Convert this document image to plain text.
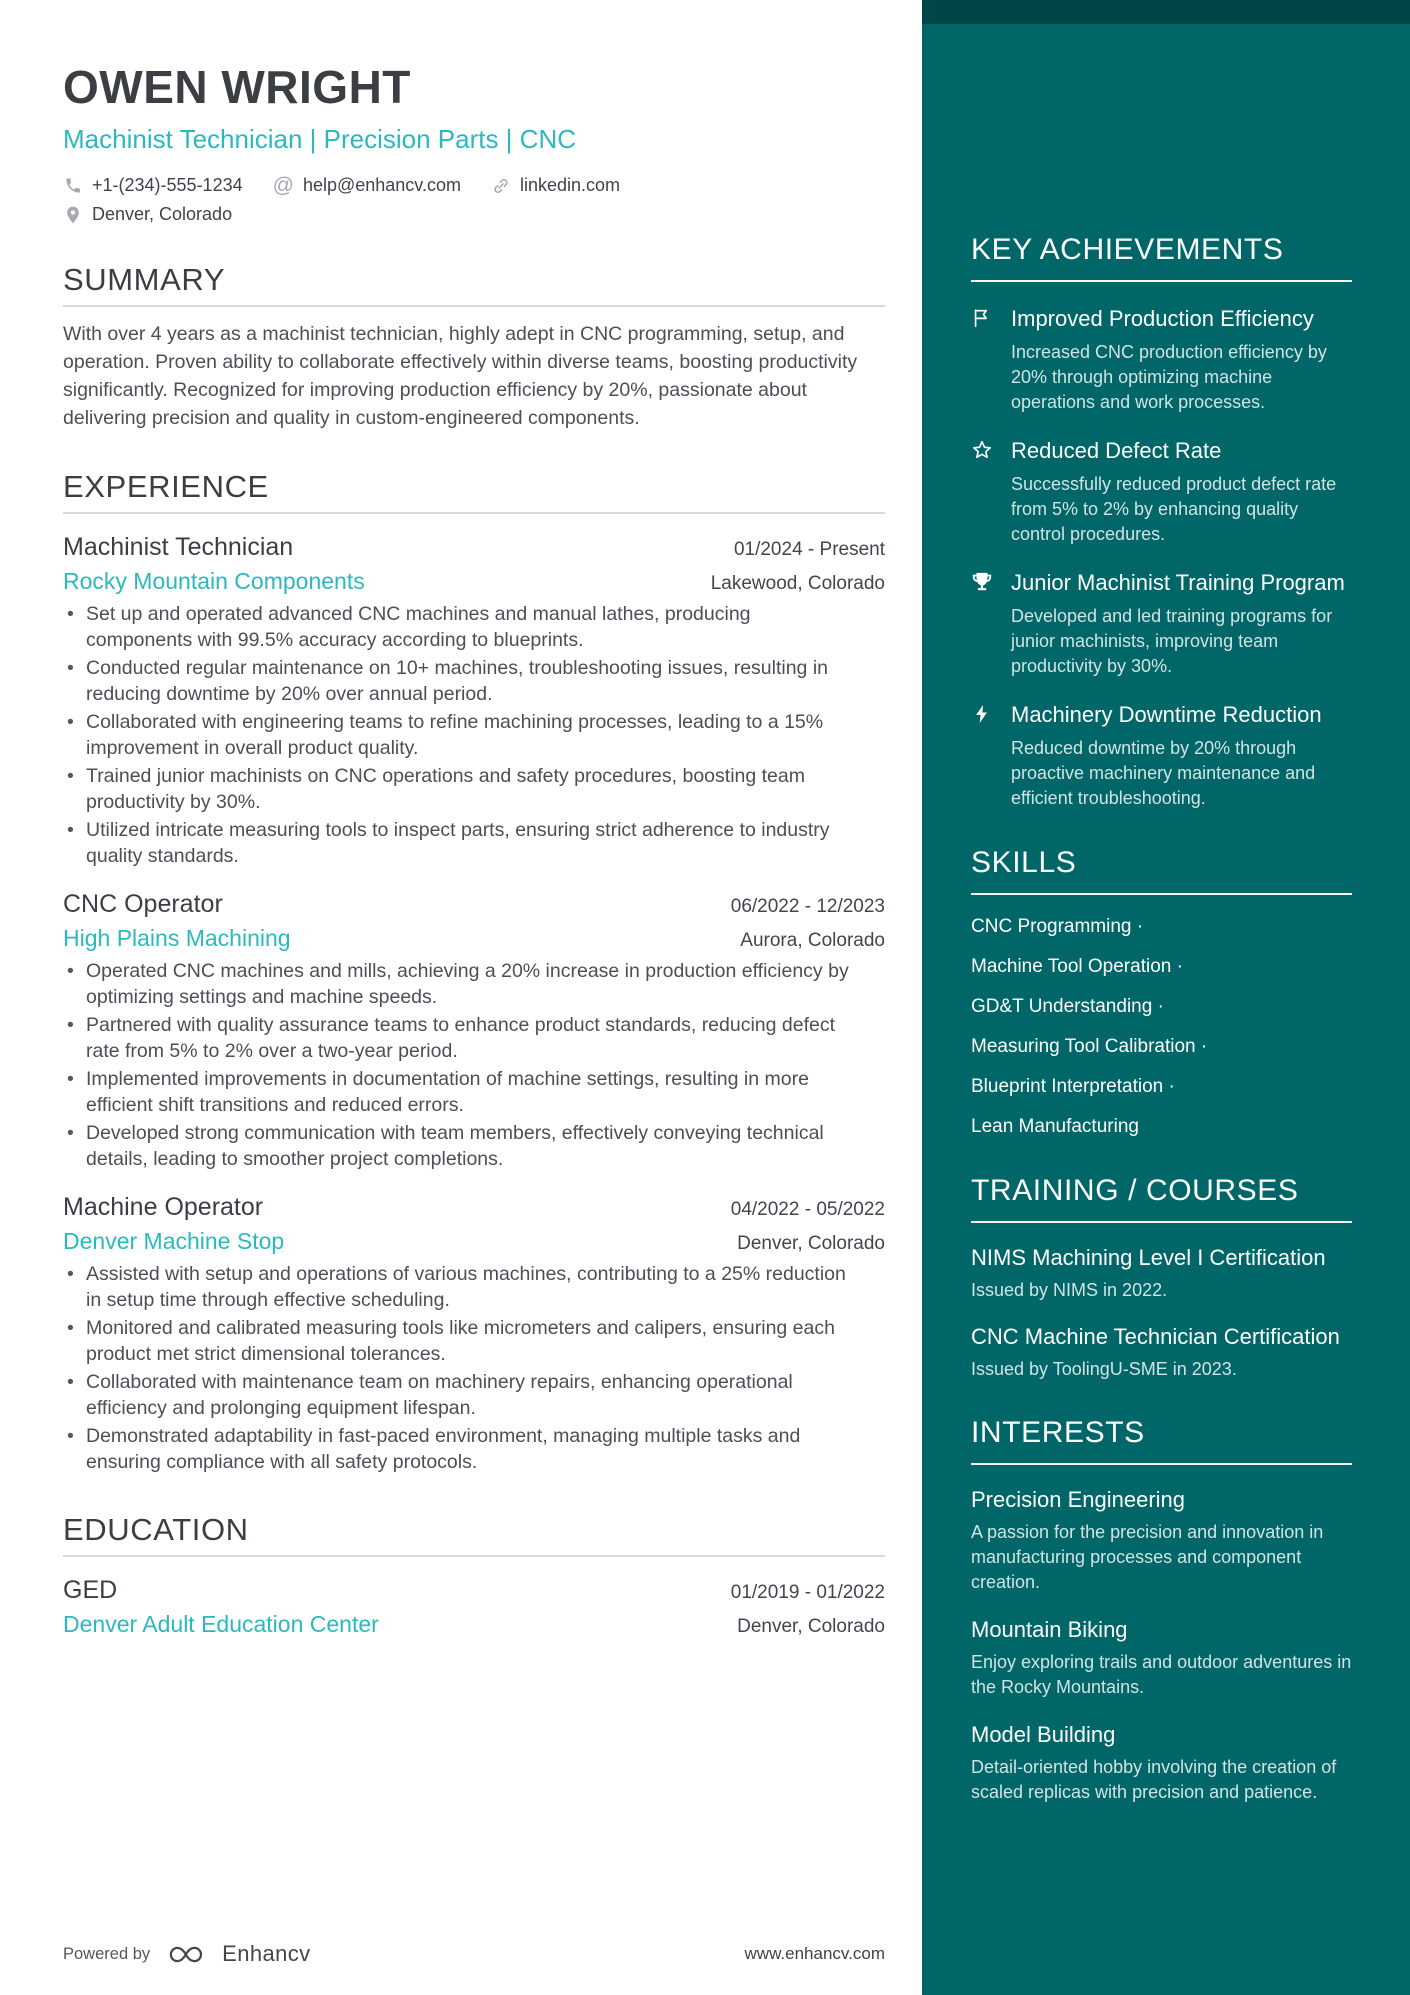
KEY ACHIEVEMENTS
Improved Production Efficiency
Increased CNC production efficiency by 20% through optimizing machine operations and work processes.
Reduced Defect Rate
Successfully reduced product defect rate from 5% to 2% by enhancing quality control procedures.
Junior Machinist Training Program
Developed and led training programs for junior machinists, improving team productivity by 30%.
Machinery Downtime Reduction
Reduced downtime by 20% through proactive machinery maintenance and efficient troubleshooting.
SKILLS
CNC Programming ·
Machine Tool Operation ·
GD&T Understanding ·
Measuring Tool Calibration ·
Blueprint Interpretation ·
Lean Manufacturing
TRAINING / COURSES
NIMS Machining Level I Certification
Issued by NIMS in 2022.
CNC Machine Technician Certification
Issued by ToolingU-SME in 2023.
INTERESTS
Precision Engineering
A passion for the precision and innovation in manufacturing processes and component creation.
Mountain Biking
Enjoy exploring trails and outdoor adventures in the Rocky Mountains.
Model Building
Detail-oriented hobby involving the creation of scaled replicas with precision and patience.
OWEN WRIGHT
Machinist Technician | Precision Parts | CNC
+1-(234)-555-1234 @ help@enhancv.com	linkedin.com
Denver, Colorado
SUMMARY

With over 4 years as a machinist technician, highly adept in CNC programming, setup, and operation. Proven ability to collaborate effectively within diverse teams, boosting productivity significantly. Recognized for improving production efficiency by 20%, passionate about delivering precision and quality in custom-engineered components.

EXPERIENCE
Machinist Technician	01/2024 - Present
Rocky Mountain Components	Lakewood, Colorado
• Set up and operated advanced CNC machines and manual lathes, producing components with 99.5% accuracy according to blueprints.
• Conducted regular maintenance on 10+ machines, troubleshooting issues, resulting in reducing downtime by 20% over annual period.
• Collaborated with engineering teams to refine machining processes, leading to a 15% improvement in overall product quality.
• Trained junior machinists on CNC operations and safety procedures, boosting team productivity by 30%.
• Utilized intricate measuring tools to inspect parts, ensuring strict adherence to industry quality standards.
CNC Operator	06/2022 - 12/2023
High Plains Machining	Aurora, Colorado
• Operated CNC machines and mills, achieving a 20% increase in production efficiency by optimizing settings and machine speeds.
• Partnered with quality assurance teams to enhance product standards, reducing defect rate from 5% to 2% over a two-year period.
• Implemented improvements in documentation of machine settings, resulting in more efficient shift transitions and reduced errors.
• Developed strong communication with team members, effectively conveying technical details, leading to smoother project completions.
Machine Operator	04/2022 - 05/2022
Denver Machine Stop	Denver, Colorado
• Assisted with setup and operations of various machines, contributing to a 25% reduction in setup time through effective scheduling.
• Monitored and calibrated measuring tools like micrometers and calipers, ensuring each product met strict dimensional tolerances.
• Collaborated with maintenance team on machinery repairs, enhancing operational efficiency and prolonging equipment lifespan.
• Demonstrated adaptability in fast-paced environment, managing multiple tasks and ensuring compliance with all safety protocols.
EDUCATION
GED	01/2019 - 01/2022
Denver Adult Education Center	Denver, Colorado
Powered by	Enhancv	www.enhancv.com
